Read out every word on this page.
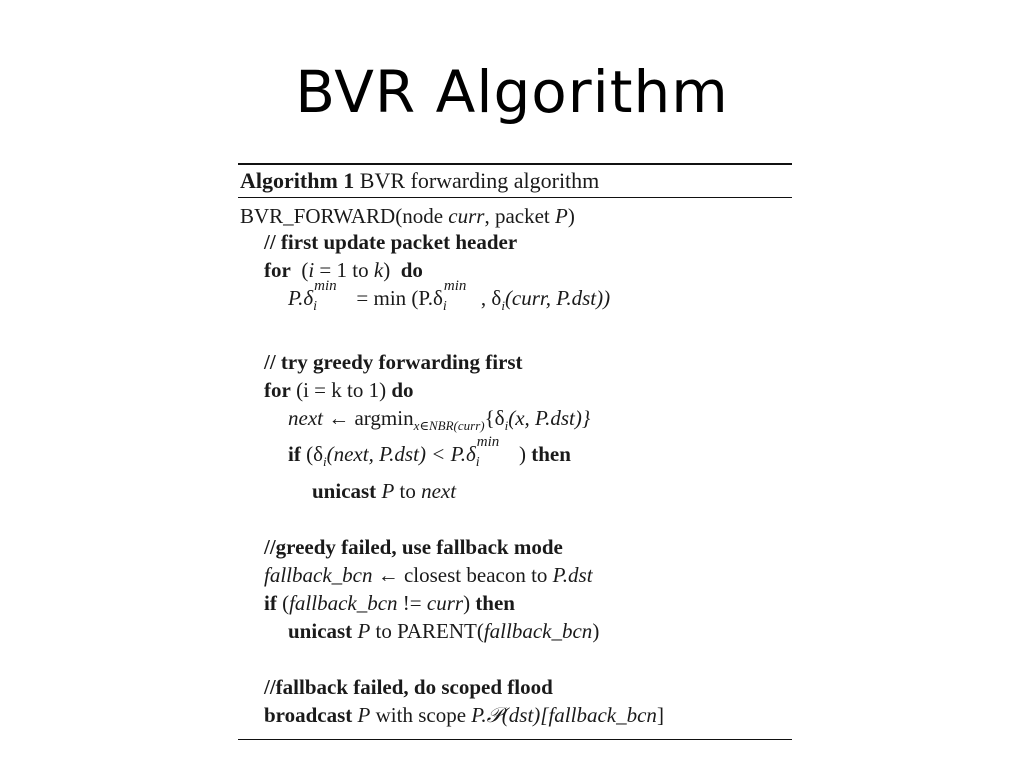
BVR Algorithm
Algorithm 1 BVR forwarding algorithm
BVR_FORWARD(node curr, packet P)
// first update packet header
for (i = 1 to k) do
P.δ min
i = min (P.δ min
i , $\delta_i(curr$, P.dst))
// try greedy forwarding first
for (i = k to 1) do
next ← $argmin_{x\in NBR(curr)}\{\delta_i(x$, P.dst)}
if ($\delta_i(next$, P.dst) < P.δ min
i ) then
unicast P to next
//greedy failed, use fallback mode
fallback_bcn ← closest beacon to P.dst
if (fallback_bcn != curr) then
unicast P to PARENT(fallback_bcn)
//fallback failed, do scoped flood
broadcast P with scope P.𝒫(dst)[fallback_bcn]
